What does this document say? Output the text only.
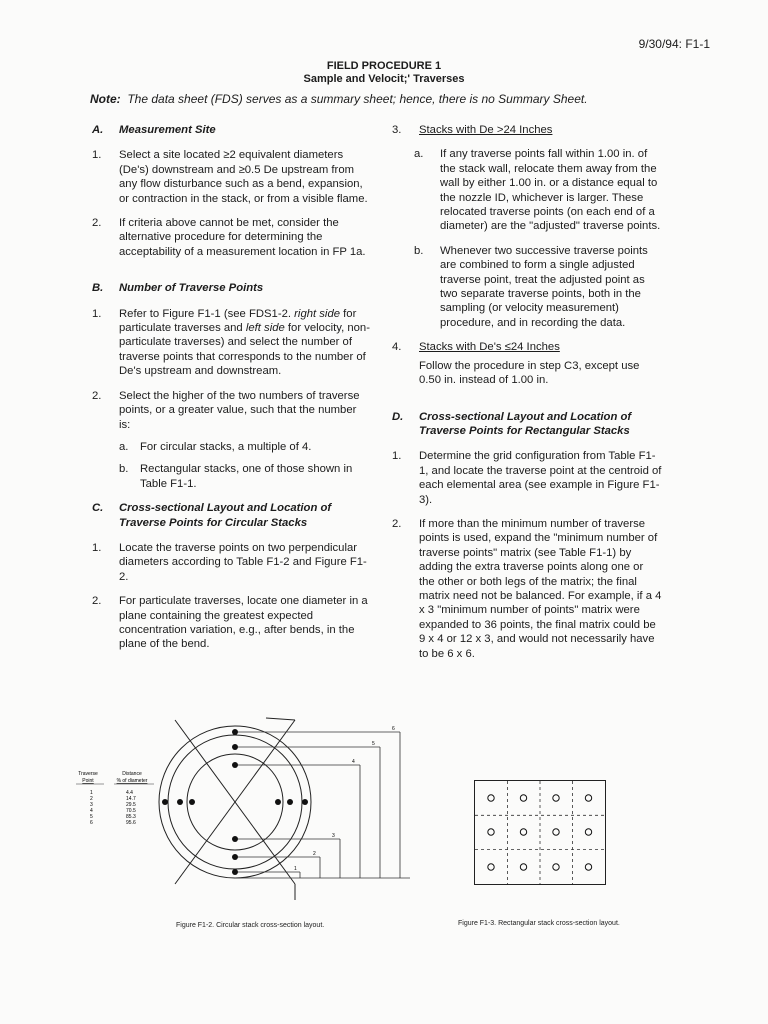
9/30/94: F1-1
FIELD PROCEDURE 1
Sample and Velocit;' Traverses
Note: The data sheet (FDS) serves as a summary sheet; hence, there is no Summary Sheet.
A.	Measurement Site
1.	Select a site located ≥2 equivalent diameters (De's) downstream and ≥0.5 De upstream from any flow disturbance such as a bend, expansion, or contraction in the stack, or from a visible flame.
2.	If criteria above cannot be met, consider the alternative procedure for determining the acceptability of a measurement location in FP 1a.
B.	Number of Traverse Points
1.	Refer to Figure F1-1 (see FDS1-2. right side for particulate traverses and left side for velocity, non-particulate traverses) and select the number of traverse points that corresponds to the number of De's upstream and downstream.
2.	Select the higher of the two numbers of traverse points, or a greater value, such that the number is:
a.	For circular stacks, a multiple of 4.
b.	Rectangular stacks, one of those shown in Table F1-1.
C.	Cross-sectional Layout and Location of Traverse Points for Circular Stacks
1.	Locate the traverse points on two perpendicular diameters according to Table F1-2 and Figure F1-2.
2.	For particulate traverses, locate one diameter in a plane containing the greatest expected concentration variation, e.g., after bends, in the plane of the bend.
3.	Stacks with De >24 Inches
a.	If any traverse points fall within 1.00 in. of the stack wall, relocate them away from the wall by either 1.00 in. or a distance equal to the nozzle ID, whichever is larger. These relocated traverse points (on each end of a diameter) are the "adjusted" traverse points.
b.	Whenever two successive traverse points are combined to form a single adjusted traverse point, treat the adjusted point as two separate traverse points, both in the sampling (or velocity measurement) procedure, and in recording the data.
4.	Stacks with De's ≤24 Inches
Follow the procedure in step C3, except use 0.50 in. instead of 1.00 in.
D.	Cross-sectional Layout and Location of Traverse Points for Rectangular Stacks
1.	Determine the grid configuration from Table F1-1, and locate the traverse point at the centroid of each elemental area (see example in Figure F1-3).
2.	If more than the minimum number of traverse points is used, expand the "minimum number of traverse points" matrix (see Table F1-1) by adding the extra traverse points along one or the other or both legs of the matrix; the final matrix need not be balanced. For example, if a 4 x 3 "minimum number of points" matrix were expanded to 36 points, the final matrix could be 9 x 4 or 12 x 3, and would not necessarily have to be 6 x 6.
Traverse
Point
Distance
% of diameter
1	4.4
2	14.7
3	29.5
4	70.5
5	85.3
6	95.6
6
5
4
3
2
1
Figure F1-2. Circular stack cross-section layout.	Figure F1-3. Rectangular stack cross-section layout.
